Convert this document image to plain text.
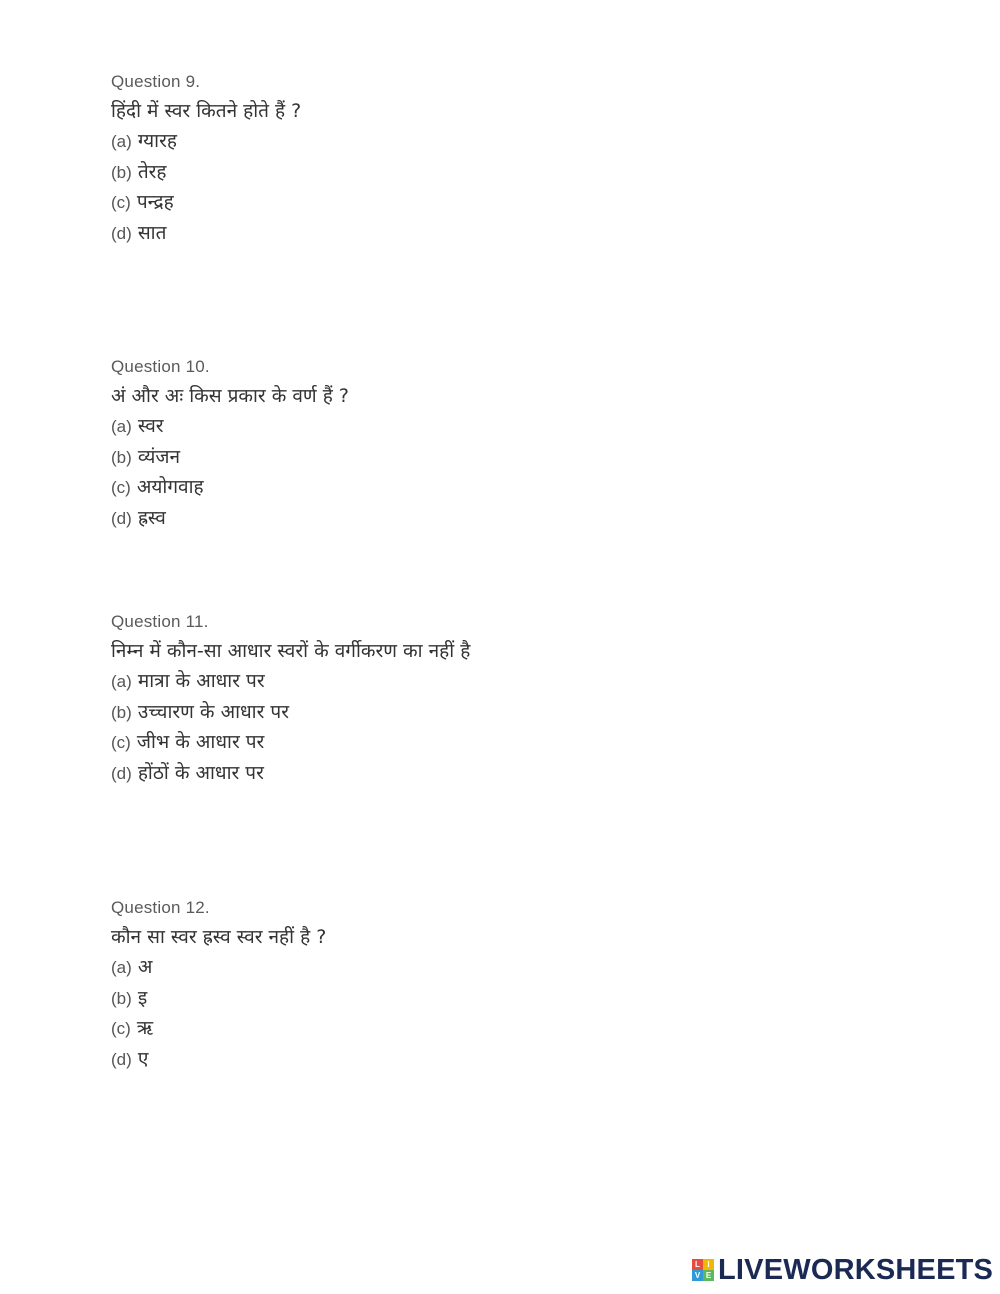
Question 9.
हिंदी में स्वर कितने होते हैं ?
(a) ग्यारह
(b) तेरह
(c) पन्द्रह
(d) सात
Question 10.
अं और अः किस प्रकार के वर्ण हैं ?
(a) स्वर
(b) व्यंजन
(c) अयोगवाह
(d) ह्रस्व
Question 11.
निम्न में कौन-सा आधार स्वरों के वर्गीकरण का नहीं है
(a) मात्रा के आधार पर
(b) उच्चारण के आधार पर
(c) जीभ के आधार पर
(d) होंठों के आधार पर
Question 12.
कौन सा स्वर ह्रस्व स्वर नहीं है ?
(a) अ
(b) इ
(c) ऋ
(d) ए
L I
V E LIVEWORKSHEETS
